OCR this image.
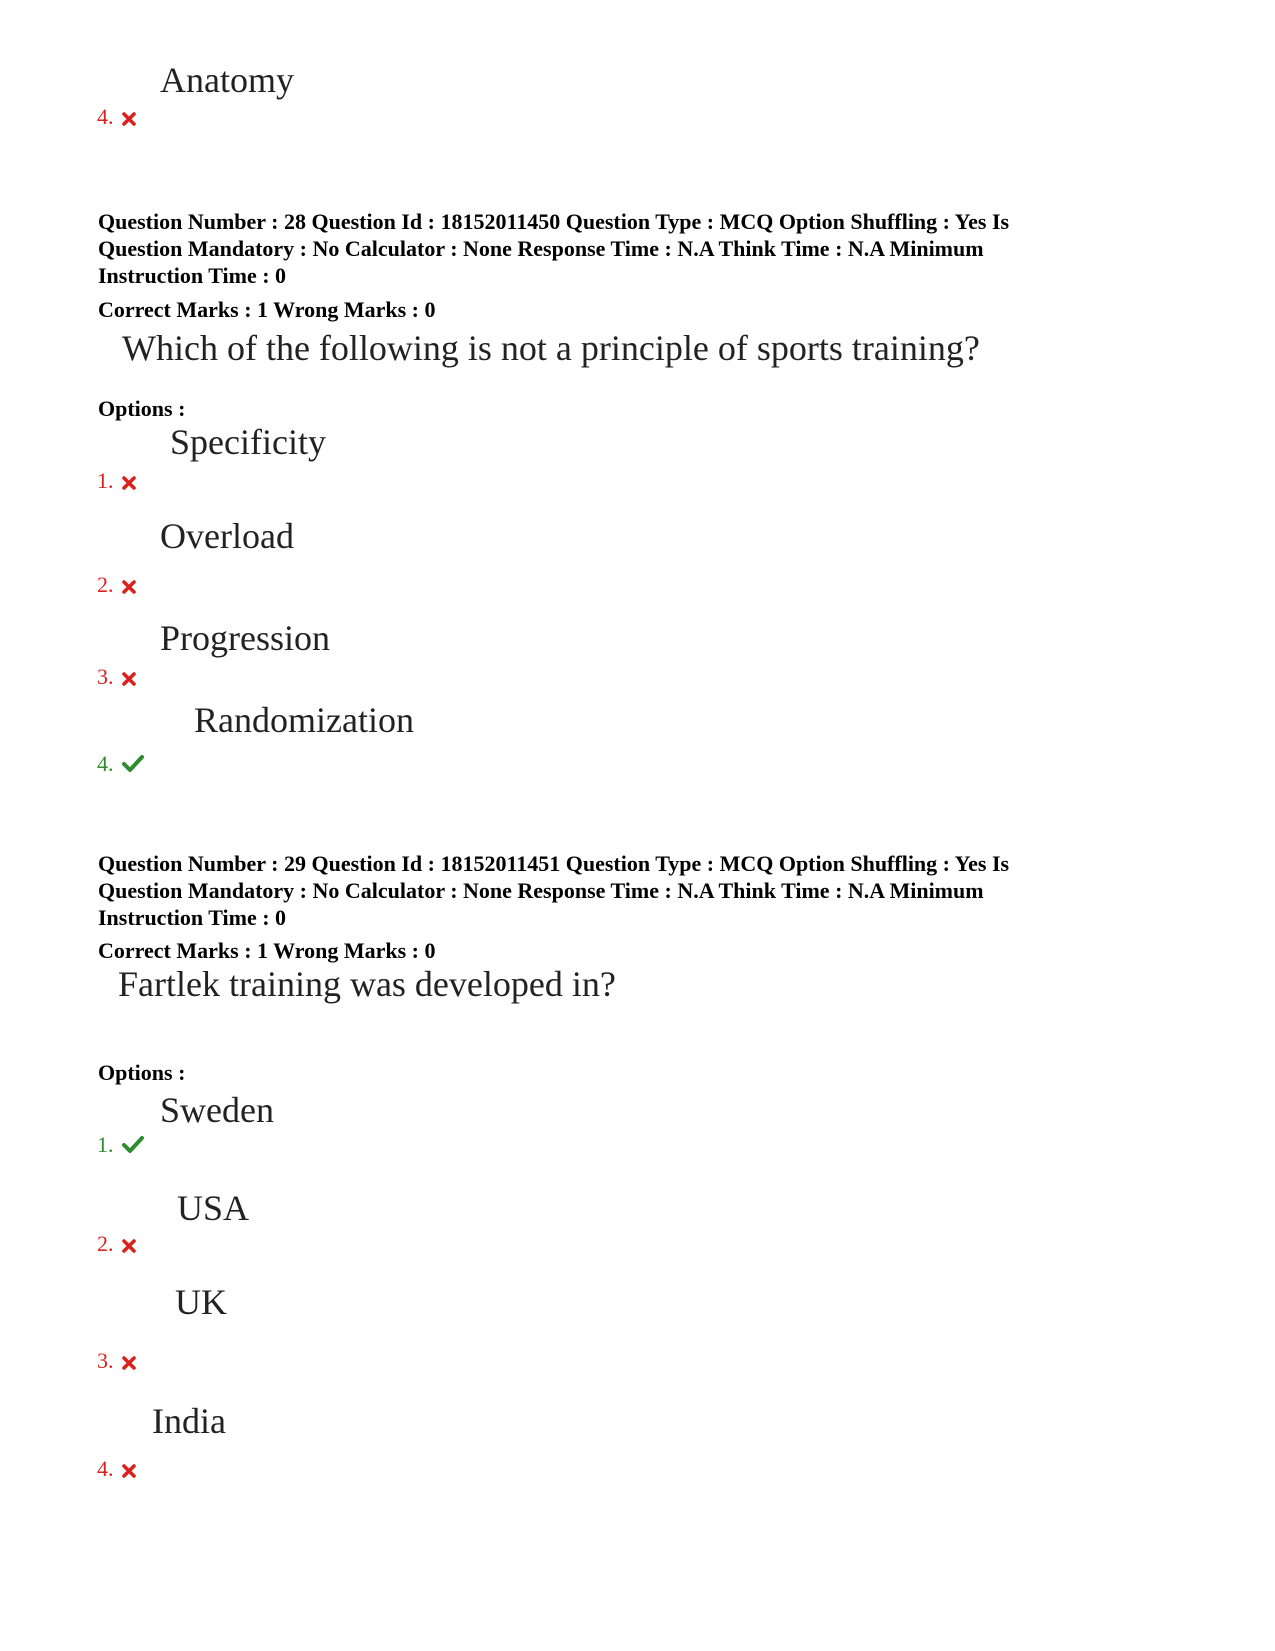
Anatomy
4.
Question Number : 28 Question Id : 18152011450 Question Type : MCQ Option Shuffling : Yes Is
Question Mandatory : No Calculator : None Response Time : N.A Think Time : N.A Minimum
Instruction Time : 0
Correct Marks : 1 Wrong Marks : 0
Which of the following is not a principle of sports training?
Options :
Specificity
1.
Overload
2.
Progression
3.
Randomization
4.
Question Number : 29 Question Id : 18152011451 Question Type : MCQ Option Shuffling : Yes Is
Question Mandatory : No Calculator : None Response Time : N.A Think Time : N.A Minimum
Instruction Time : 0
Correct Marks : 1 Wrong Marks : 0
Fartlek training was developed in?
Options :
Sweden
1.
USA
2.
UK
3.
India
4.
